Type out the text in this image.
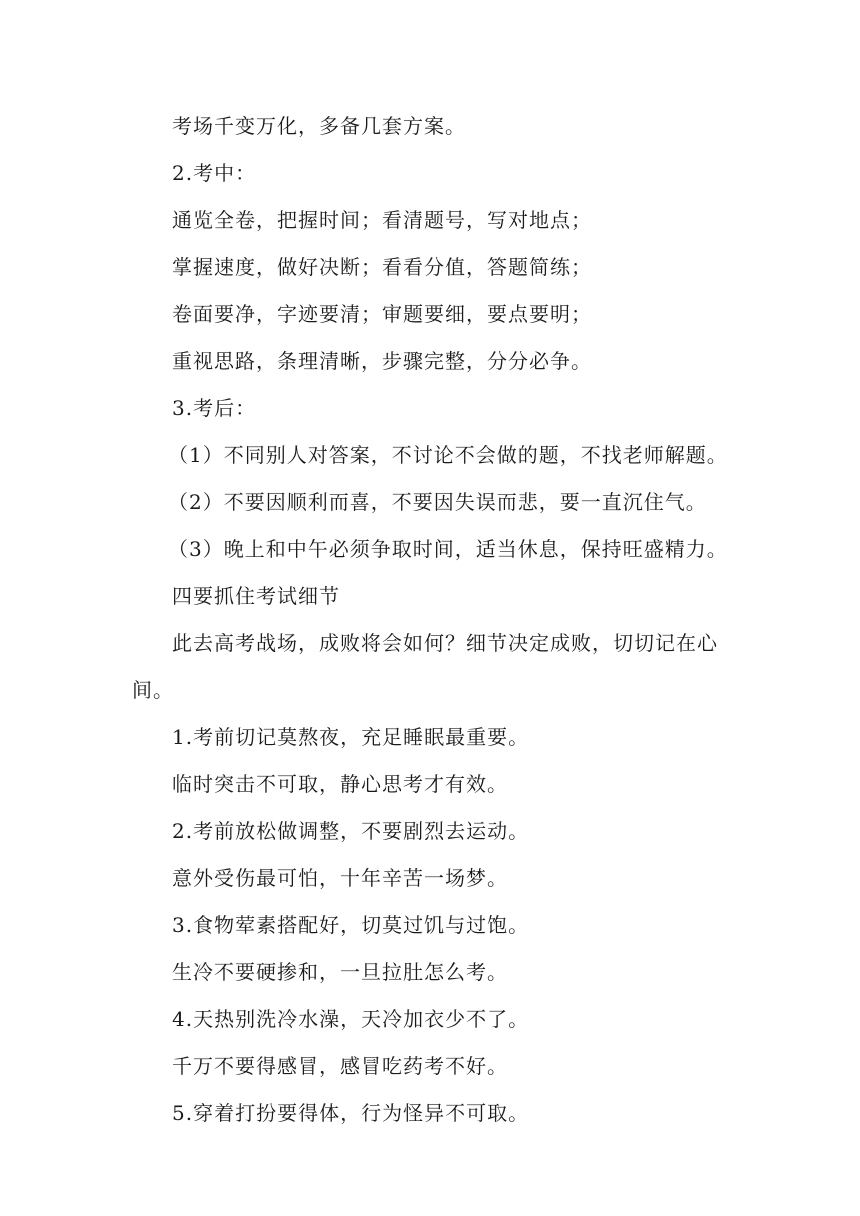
考场千变万化，多备几套方案。
2.考中：
通览全卷，把握时间；看清题号，写对地点；
掌握速度，做好决断；看看分值，答题简练；
卷面要净，字迹要清；审题要细，要点要明；
重视思路，条理清晰，步骤完整，分分必争。
3.考后：
（1）不同别人对答案，不讨论不会做的题，不找老师解题。
（2）不要因顺利而喜，不要因失误而悲，要一直沉住气。
（3）晚上和中午必须争取时间，适当休息，保持旺盛精力。
四要抓住考试细节
此去高考战场，成败将会如何？细节决定成败，切切记在心间。
1.考前切记莫熬夜，充足睡眠最重要。
临时突击不可取，静心思考才有效。
2.考前放松做调整，不要剧烈去运动。
意外受伤最可怕，十年辛苦一场梦。
3.食物荤素搭配好，切莫过饥与过饱。
生冷不要硬掺和，一旦拉肚怎么考。
4.天热别洗冷水澡，天冷加衣少不了。
千万不要得感冒，感冒吃药考不好。
5.穿着打扮要得体，行为怪异不可取。
